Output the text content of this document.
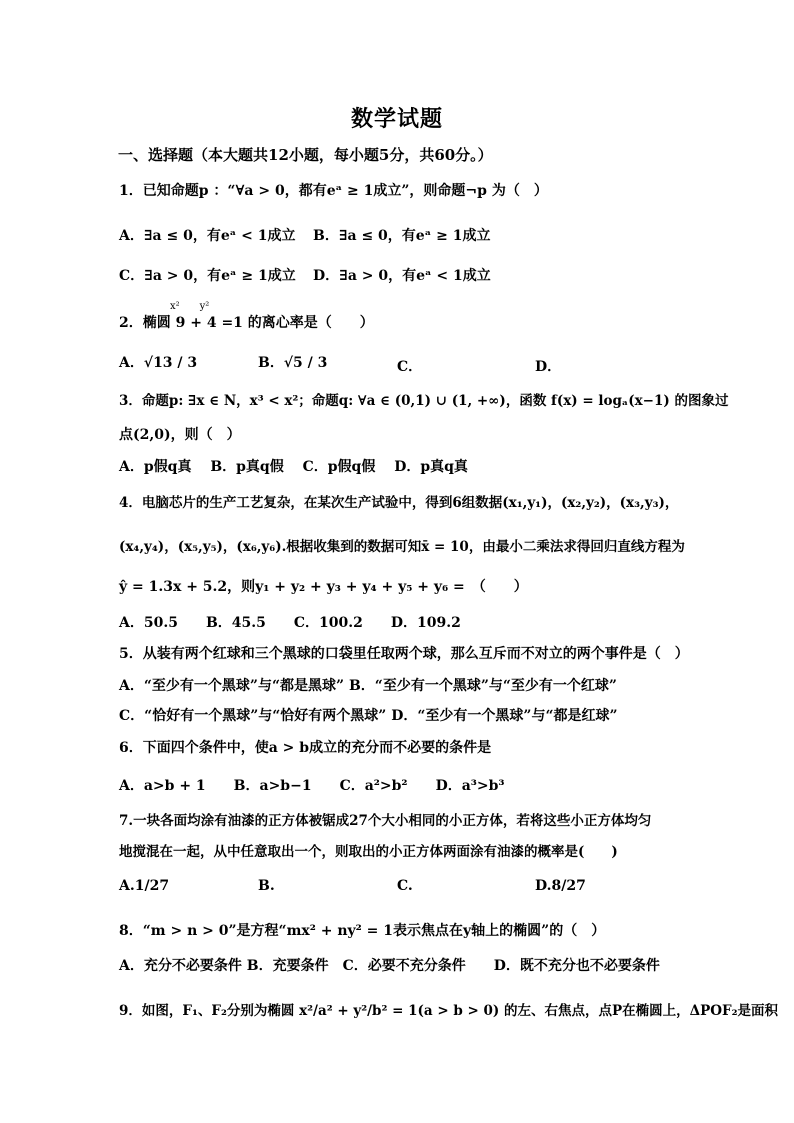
数学试题
一、选择题（本大题共12小题，每小题5分，共60分。）
1．已知命题p ：“∀a > 0，都有eᵃ ≥ 1成立”，则命题¬p 为（　）
A．∃a ≤ 0，有eᵃ < 1成立 B．∃a ≤ 0，有eᵃ ≥ 1成立
C．∃a > 0，有eᵃ ≥ 1成立 D．∃a > 0，有eᵃ < 1成立
x²　　y²
2．椭圆 9 + 4 =1 的离心率是（　　）
A．√13 / 3	B．√5 / 3	C．	D．
3．命题p: ∃x ∈ N，x³ < x²；命题q: ∀a ∈ (0,1) ∪ (1, +∞)，函数 f(x) = logₐ(x−1) 的图象过
点(2,0)，则（　）
A．p假q真　 B．p真q假　 C．p假q假　 D．p真q真
4．电脑芯片的生产工艺复杂，在某次生产试验中，得到6组数据(x₁,y₁)，(x₂,y₂)，(x₃,y₃)，
(x₄,y₄)，(x₅,y₅)，(x₆,y₆).根据收集到的数据可知x̄ = 10，由最小二乘法求得回归直线方程为
ŷ = 1.3x + 5.2，则y₁ + y₂ + y₃ + y₄ + y₅ + y₆ =　（　　）
A．50.5　　B．45.5　　C．100.2　　D．109.2
5．从装有两个红球和三个黑球的口袋里任取两个球，那么互斥而不对立的两个事件是（　）
A．“至少有一个黑球”与“都是黑球” B．“至少有一个黑球”与“至少有一个红球”
C．“恰好有一个黑球”与“恰好有两个黑球” D．“至少有一个黑球”与“都是红球”
6．下面四个条件中，使a > b成立的充分而不必要的条件是
A．a>b + 1　　B．a>b−1　　C．a²>b²　　D．a³>b³
7.一块各面均涂有油漆的正方体被锯成27个大小相同的小正方体，若将这些小正方体均匀
地搅混在一起，从中任意取出一个，则取出的小正方体两面涂有油漆的概率是(　　)
A.1/27	B.	C.	D.8/27
8．“m > n > 0”是方程“mx² + ny² = 1表示焦点在y轴上的椭圆”的（　）
A．充分不必要条件 B．充要条件　C．必要不充分条件　　D．既不充分也不必要条件
9．如图，F₁、F₂分别为椭圆 x²/a² + y²/b² = 1(a > b > 0) 的左、右焦点，点P在椭圆上，ΔPOF₂是面积
